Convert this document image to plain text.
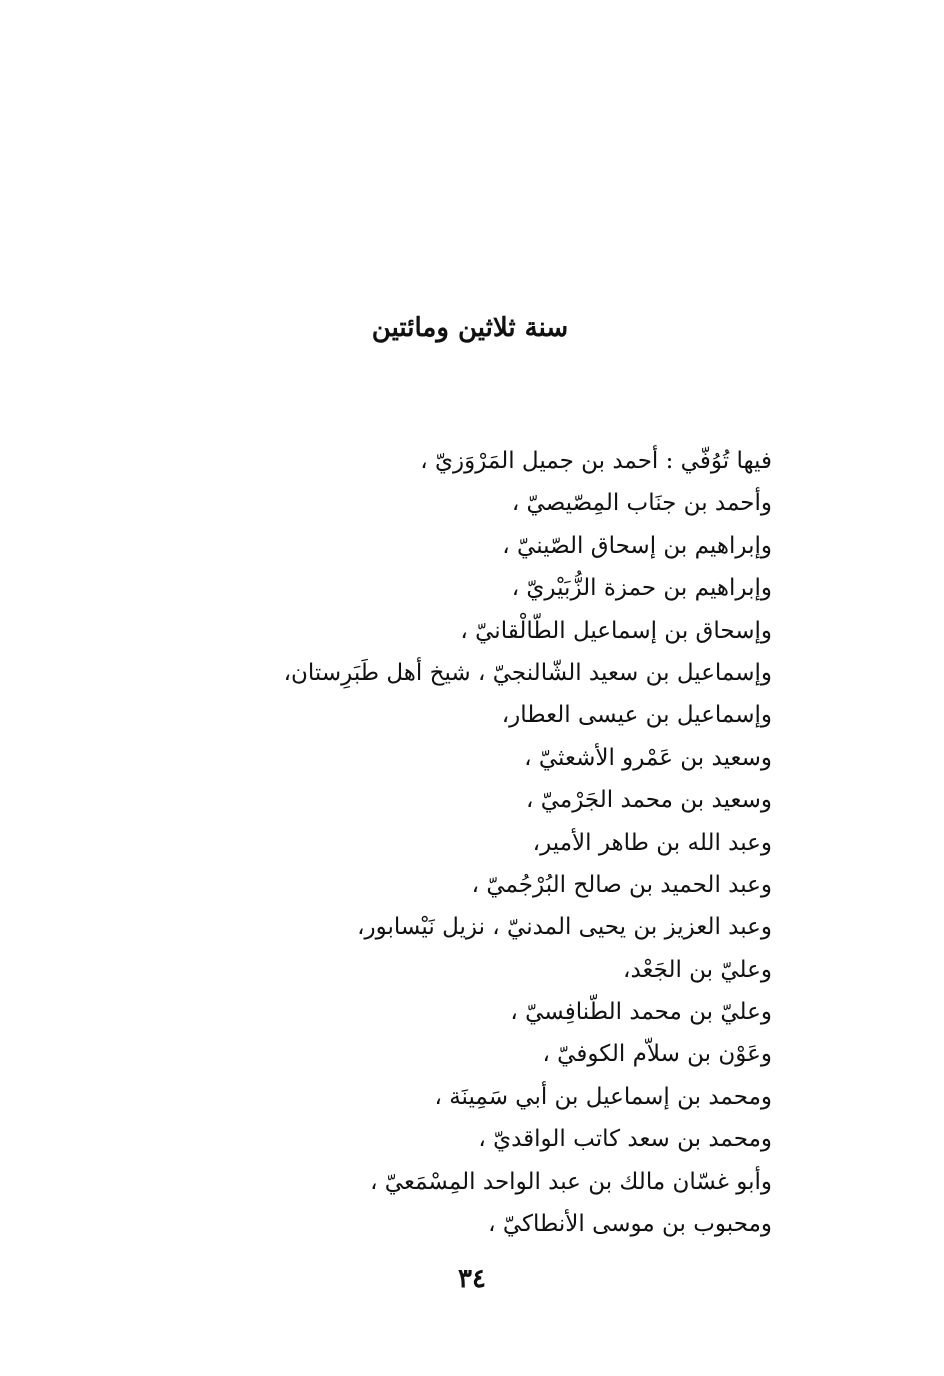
سنة ثلاثين ومائتين
فيها تُوُفّي : أحمد بن جميل المَرْوَزيّ ،
وأحمد بن جنَاب المِصّيصيّ ،
وإبراهيم بن إسحاق الصّينيّ ،
وإبراهيم بن حمزة الزُّبَيْريّ ،
وإسحاق بن إسماعيل الطّالْقانيّ ،
وإسماعيل بن سعيد الشّالنجيّ ، شيخ أهل طَبَرِستان،
وإسماعيل بن عيسى العطار،
وسعيد بن عَمْرو الأشعثيّ ،
وسعيد بن محمد الجَرْميّ ،
وعبد الله بن طاهر الأمير،
وعبد الحميد بن صالح البُرْجُميّ ،
وعبد العزيز بن يحيى المدنيّ ، نزيل نَيْسابور،
وعليّ بن الجَعْد،
وعليّ بن محمد الطّنافِسيّ ،
وعَوْن بن سلاّم الكوفيّ ،
ومحمد بن إسماعيل بن أبي سَمِينَة ،
ومحمد بن سعد كاتب الواقديّ ،
وأبو غسّان مالك بن عبد الواحد المِسْمَعيّ ،
ومحبوب بن موسى الأنطاكيّ ،
٣٤
